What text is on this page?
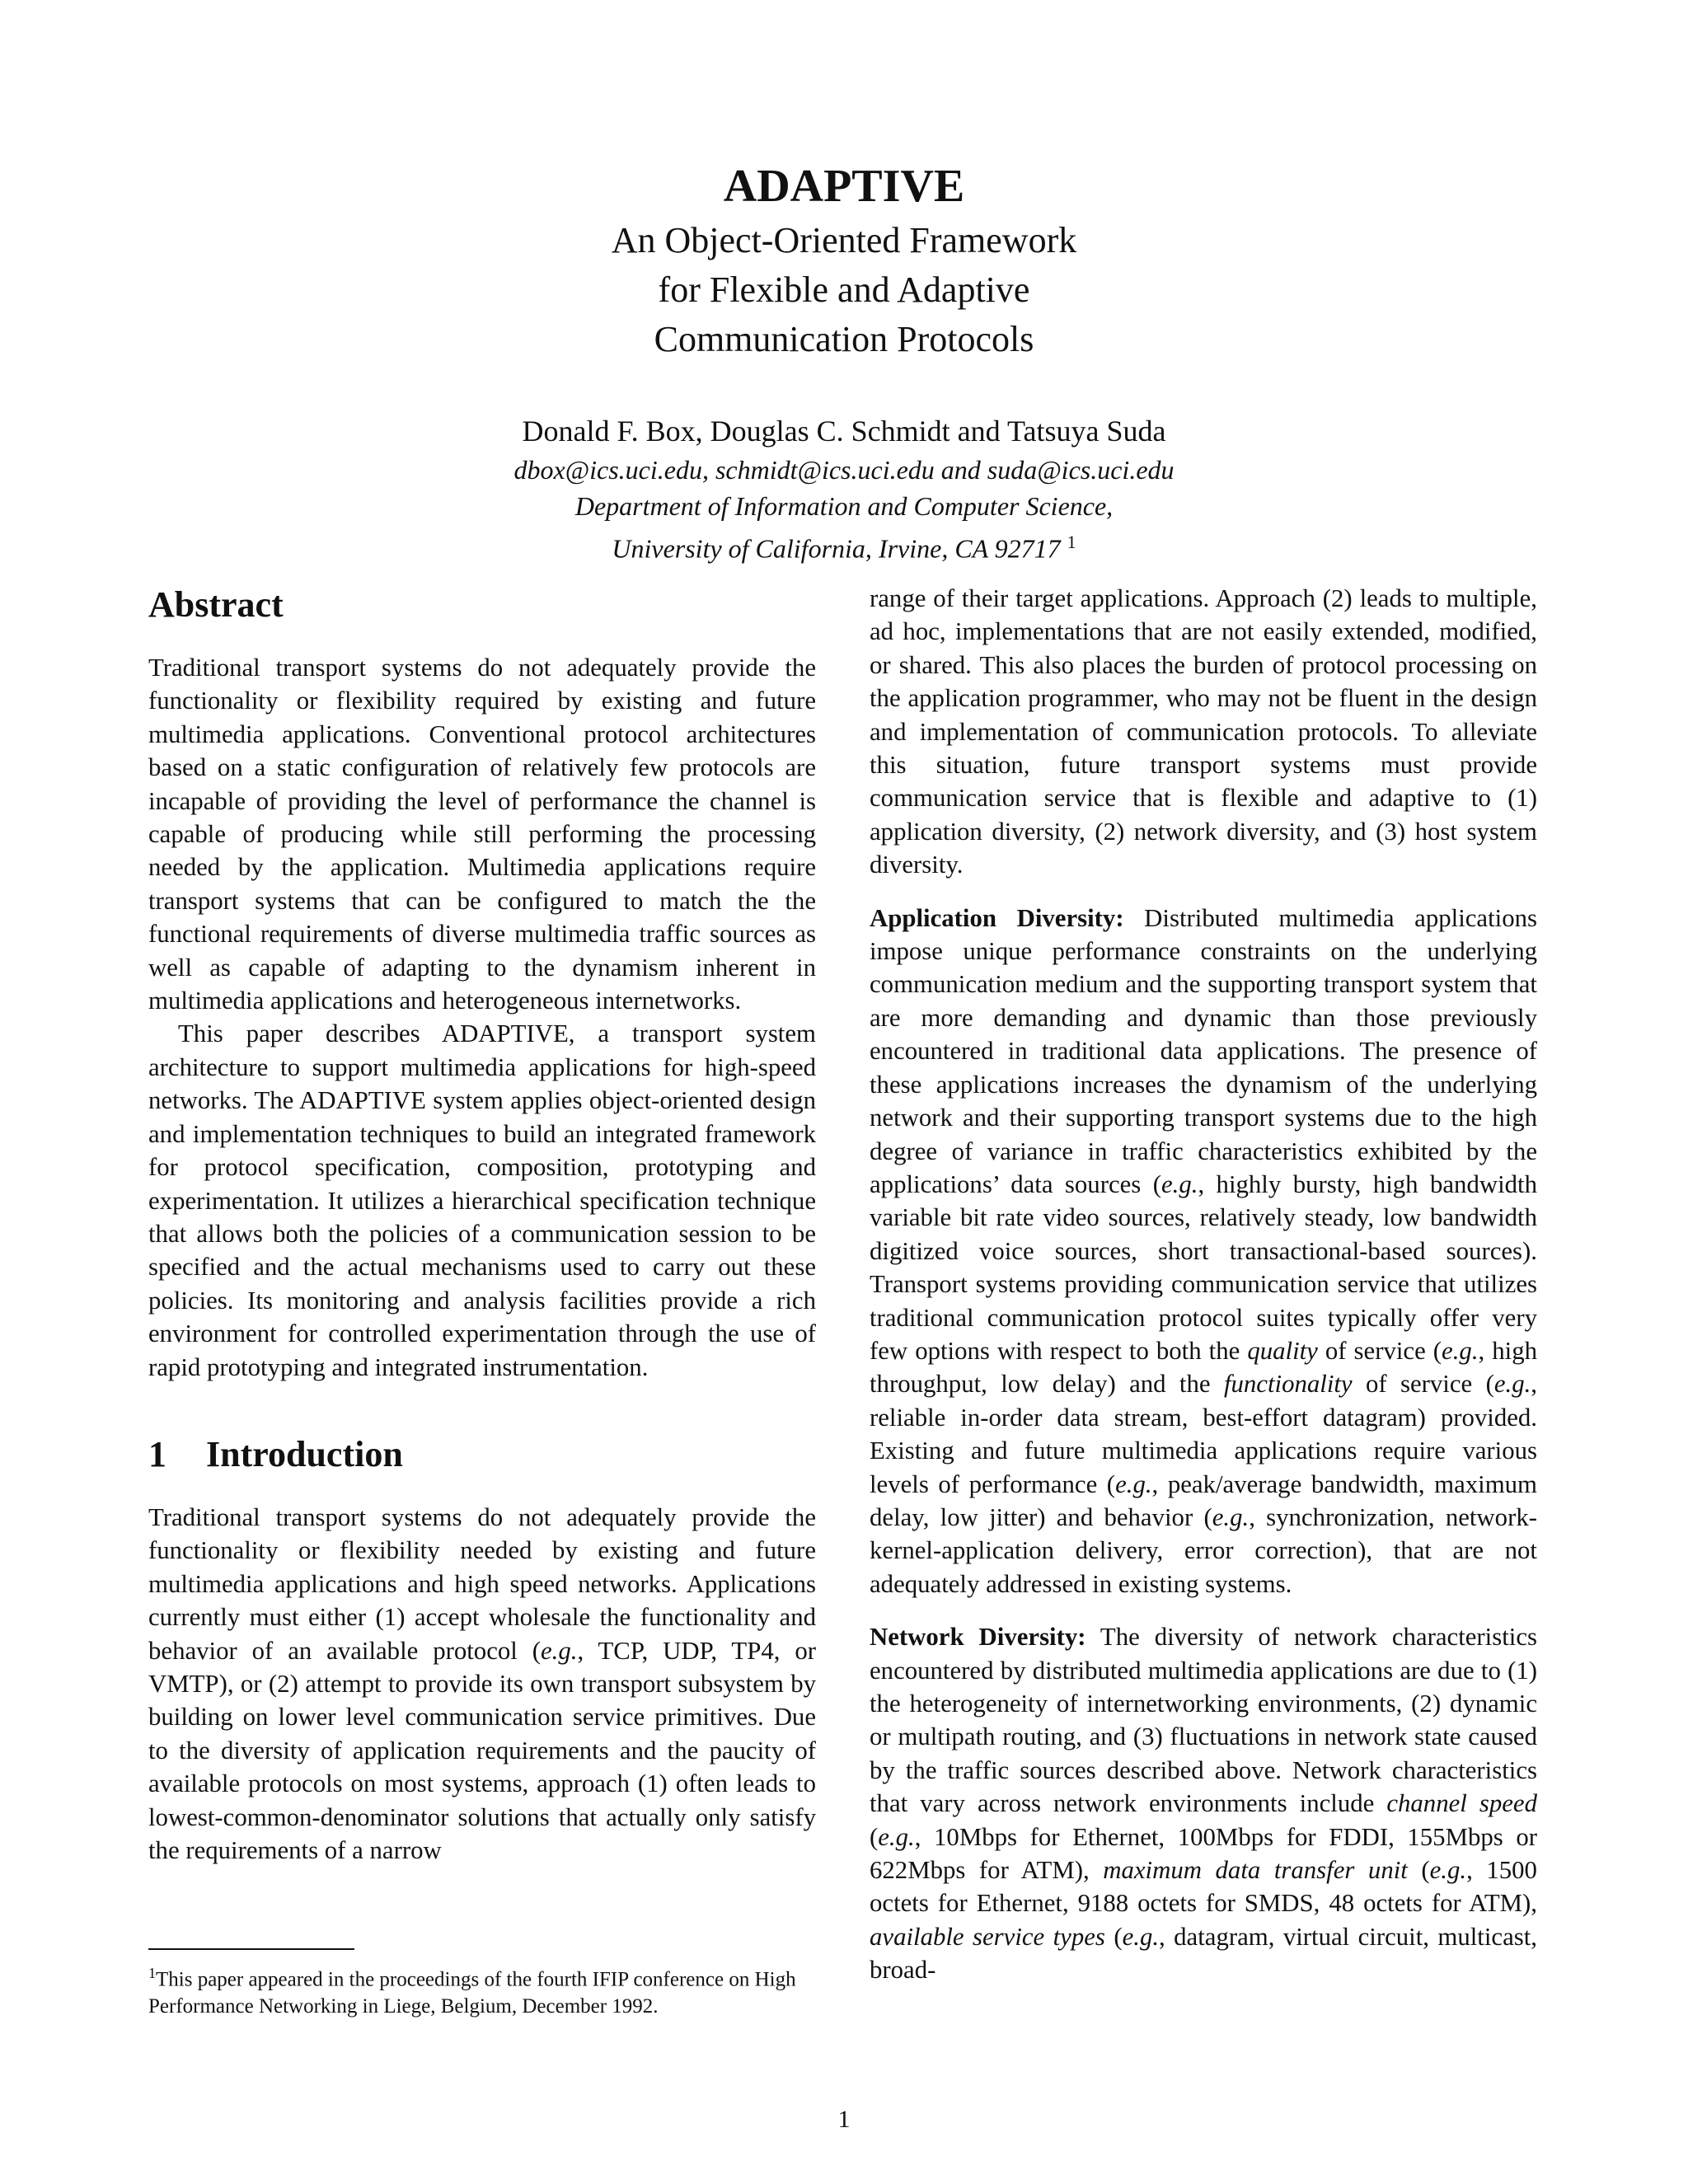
ADAPTIVE

An Object-Oriented Framework

for Flexible and Adaptive

Communication Protocols

Donald F. Box, Douglas C. Schmidt and Tatsuya Suda

dbox@ics.uci.edu, schmidt@ics.uci.edu and suda@ics.uci.edu

Department of Information and Computer Science,

University of California, Irvine, CA 92717 $^1$

Abstract

Traditional transport systems do not adequately provide the functionality or flexibility required by existing and future multimedia applications. Conventional protocol architectures based on a static configuration of relatively few protocols are incapable of providing the level of performance the channel is capable of producing while still performing the processing needed by the application. Multimedia applications require transport systems that can be configured to match the the functional requirements of diverse multimedia traffic sources as well as capable of adapting to the dynamism inherent in multimedia applications and heterogeneous internetworks.

This paper describes ADAPTIVE, a transport system architecture to support multimedia applications for high-speed networks. The ADAPTIVE system applies object-oriented design and implementation techniques to build an integrated framework for protocol specification, composition, prototyping and experimentation. It utilizes a hierarchical specification technique that allows both the policies of a communication session to be specified and the actual mechanisms used to carry out these policies. Its monitoring and analysis facilities provide a rich environment for controlled experimentation through the use of rapid prototyping and integrated instrumentation.

1 Introduction

Traditional transport systems do not adequately provide the functionality or flexibility needed by existing and future multimedia applications and high speed networks. Applications currently must either (1) accept wholesale the functionality and behavior of an available protocol (e.g., TCP, UDP, TP4, or VMTP), or (2) attempt to provide its own transport subsystem by building on lower level communication service primitives. Due to the diversity of application requirements and the paucity of available protocols on most systems, approach (1) often leads to lowest-common-denominator solutions that actually only satisfy the requirements of a narrow

range of their target applications. Approach (2) leads to multiple, ad hoc, implementations that are not easily extended, modified, or shared. This also places the burden of protocol processing on the application programmer, who may not be fluent in the design and implementation of communication protocols. To alleviate this situation, future transport systems must provide communication service that is flexible and adaptive to (1) application diversity, (2) network diversity, and (3) host system diversity.

Application Diversity: Distributed multimedia applications impose unique performance constraints on the underlying communication medium and the supporting transport system that are more demanding and dynamic than those previously encountered in traditional data applications. The presence of these applications increases the dynamism of the underlying network and their supporting transport systems due to the high degree of variance in traffic characteristics exhibited by the applications’ data sources (e.g., highly bursty, high bandwidth variable bit rate video sources, relatively steady, low bandwidth digitized voice sources, short transactional-based sources). Transport systems providing communication service that utilizes traditional communication protocol suites typically offer very few options with respect to both the quality of service (e.g., high throughput, low delay) and the functionality of service (e.g., reliable in-order data stream, best-effort datagram) provided. Existing and future multimedia applications require various levels of performance (e.g., peak/average bandwidth, maximum delay, low jitter) and behavior (e.g., synchronization, network-kernel-application delivery, error correction), that are not adequately addressed in existing systems.

Network Diversity: The diversity of network characteristics encountered by distributed multimedia applications are due to (1) the heterogeneity of internetworking environments, (2) dynamic or multipath routing, and (3) fluctuations in network state caused by the traffic sources described above. Network characteristics that vary across network environments include channel speed (e.g., 10Mbps for Ethernet, 100Mbps for FDDI, 155Mbps or 622Mbps for ATM), maximum data transfer unit (e.g., 1500 octets for Ethernet, 9188 octets for SMDS, 48 octets for ATM), available service types (e.g., datagram, virtual circuit, multicast, broad-

$^1$This paper appeared in the proceedings of the fourth IFIP conference on High Performance Networking in Liege, Belgium, December 1992.
1
